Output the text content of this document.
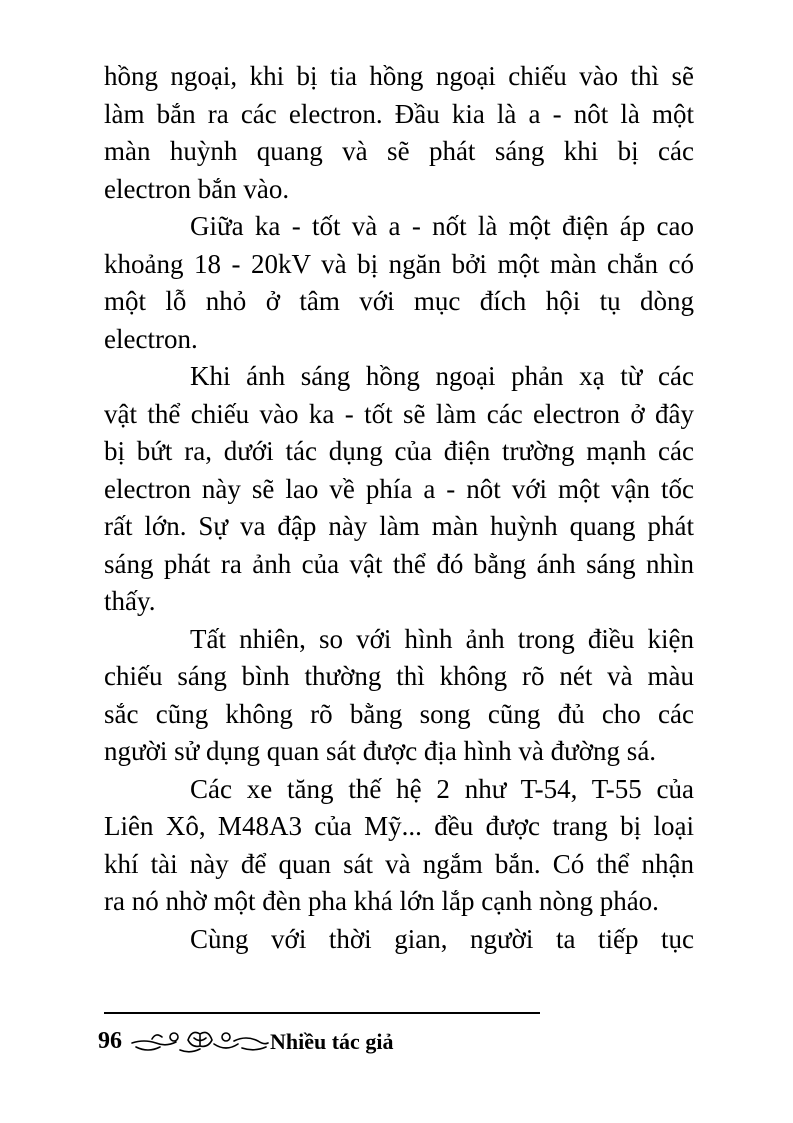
hồng ngoại, khi bị tia hồng ngoại chiếu vào thì sẽ
làm bắn ra các electron. Đầu kia là a - nôt là một
màn huỳnh quang và sẽ phát sáng khi bị các
electron bắn vào.
Giữa ka - tốt và a - nốt là một điện áp cao
khoảng 18 - 20kV và bị ngăn bởi một màn chắn có
một lỗ nhỏ ở tâm với mục đích hội tụ dòng
electron.
Khi ánh sáng hồng ngoại phản xạ từ các
vật thể chiếu vào ka - tốt sẽ làm các electron ở đây
bị bứt ra, dưới tác dụng của điện trường mạnh các
electron này sẽ lao về phía a - nôt với một vận tốc
rất lớn. Sự va đập này làm màn huỳnh quang phát
sáng phát ra ảnh của vật thể đó bằng ánh sáng nhìn
thấy.
Tất nhiên, so với hình ảnh trong điều kiện
chiếu sáng bình thường thì không rõ nét và màu
sắc cũng không rõ bằng song cũng đủ cho các
người sử dụng quan sát được địa hình và đường sá.
Các xe tăng thế hệ 2 như T-54, T-55 của
Liên Xô, M48A3 của Mỹ... đều được trang bị loại
khí tài này để quan sát và ngắm bắn. Có thể nhận
ra nó nhờ một đèn pha khá lớn lắp cạnh nòng pháo.
Cùng với thời gian, người ta tiếp tục
96	Nhiều tác giả
